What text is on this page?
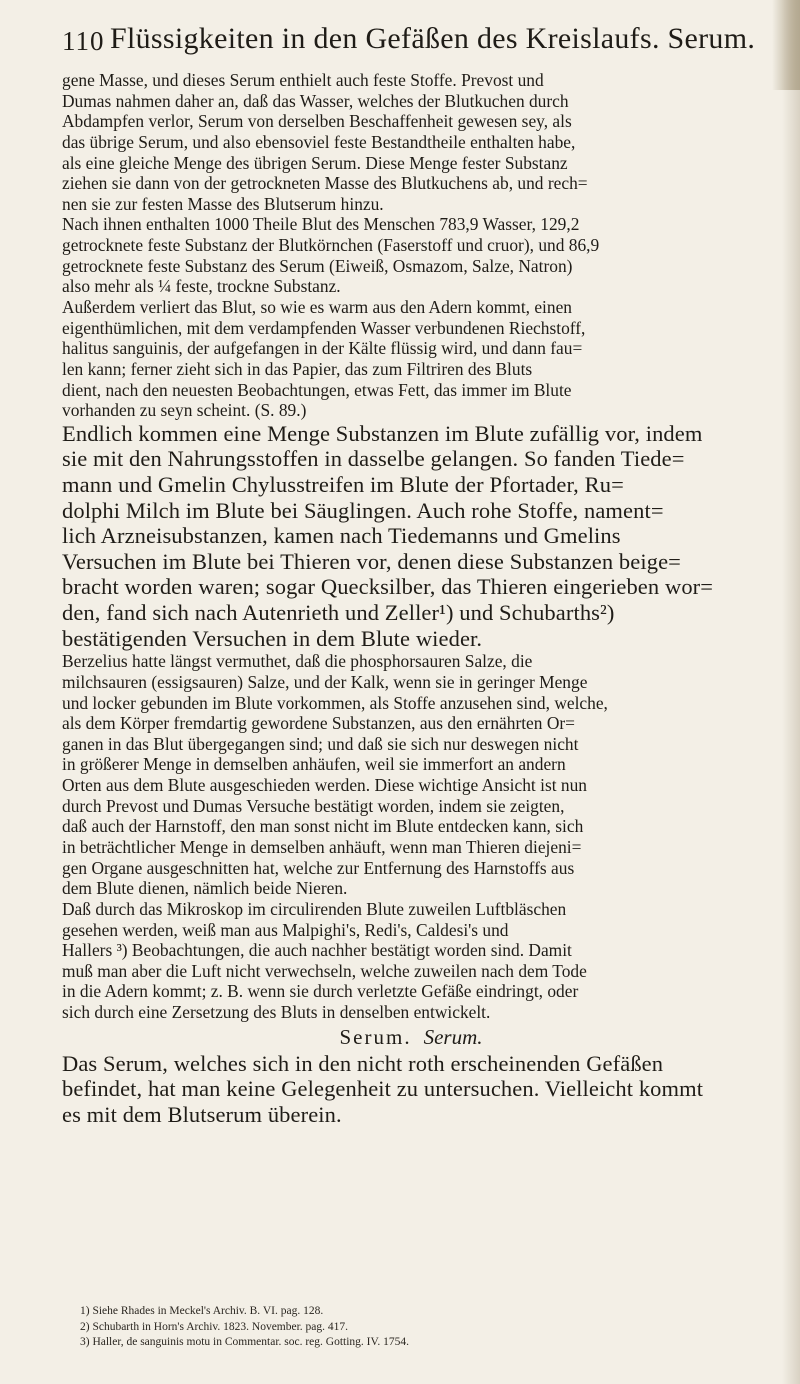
110 Flüssigkeiten in den Gefäßen des Kreislaufs. Serum.
gene Masse, und dieses Serum enthielt auch feste Stoffe. Prevost und
Dumas nahmen daher an, daß das Wasser, welches der Blutkuchen durch
Abdampfen verlor, Serum von derselben Beschaffenheit gewesen sey, als
das übrige Serum, und also ebensoviel feste Bestandtheile enthalten habe,
als eine gleiche Menge des übrigen Serum. Diese Menge fester Substanz
ziehen sie dann von der getrockneten Masse des Blutkuchens ab, und rech=
nen sie zur festen Masse des Blutserum hinzu.
Nach ihnen enthalten 1000 Theile Blut des Menschen 783,9 Wasser, 129,2
getrocknete feste Substanz der Blutkörnchen (Faserstoff und cruor), und 86,9
getrocknete feste Substanz des Serum (Eiweiß, Osmazom, Salze, Natron)
also mehr als ¼ feste, trockne Substanz.
Außerdem verliert das Blut, so wie es warm aus den Adern kommt, einen
eigenthümlichen, mit dem verdampfenden Wasser verbundenen Riechstoff,
halitus sanguinis, der aufgefangen in der Kälte flüssig wird, und dann fau=
len kann; ferner zieht sich in das Papier, das zum Filtriren des Bluts
dient, nach den neuesten Beobachtungen, etwas Fett, das immer im Blute
vorhanden zu seyn scheint. (S. 89.)
Endlich kommen eine Menge Substanzen im Blute zufällig vor, indem
sie mit den Nahrungsstoffen in dasselbe gelangen. So fanden Tiede=
mann und Gmelin Chylusstreifen im Blute der Pfortader, Ru=
dolphi Milch im Blute bei Säuglingen. Auch rohe Stoffe, nament=
lich Arzneisubstanzen, kamen nach Tiedemanns und Gmelins
Versuchen im Blute bei Thieren vor, denen diese Substanzen beige=
bracht worden waren; sogar Quecksilber, das Thieren eingerieben wor=
den, fand sich nach Autenrieth und Zeller¹) und Schubarths²)
bestätigenden Versuchen in dem Blute wieder.
Berzelius hatte längst vermuthet, daß die phosphorsauren Salze, die
milchsauren (essigsauren) Salze, und der Kalk, wenn sie in geringer Menge
und locker gebunden im Blute vorkommen, als Stoffe anzusehen sind, welche,
als dem Körper fremdartig gewordene Substanzen, aus den ernährten Or=
ganen in das Blut übergegangen sind; und daß sie sich nur deswegen nicht
in größerer Menge in demselben anhäufen, weil sie immerfort an andern
Orten aus dem Blute ausgeschieden werden. Diese wichtige Ansicht ist nun
durch Prevost und Dumas Versuche bestätigt worden, indem sie zeigten,
daß auch der Harnstoff, den man sonst nicht im Blute entdecken kann, sich
in beträchtlicher Menge in demselben anhäuft, wenn man Thieren diejeni=
gen Organe ausgeschnitten hat, welche zur Entfernung des Harnstoffs aus
dem Blute dienen, nämlich beide Nieren.
Daß durch das Mikroskop im circulirenden Blute zuweilen Luftbläschen
gesehen werden, weiß man aus Malpighi's, Redi's, Caldesi's und
Hallers ³) Beobachtungen, die auch nachher bestätigt worden sind. Damit
muß man aber die Luft nicht verwechseln, welche zuweilen nach dem Tode
in die Adern kommt; z. B. wenn sie durch verletzte Gefäße eindringt, oder
sich durch eine Zersetzung des Bluts in denselben entwickelt.
Serum. Serum.
Das Serum, welches sich in den nicht roth erscheinenden Gefäßen
befindet, hat man keine Gelegenheit zu untersuchen. Vielleicht kommt
es mit dem Blutserum überein.
1) Siehe Rhades in Meckel's Archiv. B. VI. pag. 128.
2) Schubarth in Horn's Archiv. 1823. November. pag. 417.
3) Haller, de sanguinis motu in Commentar. soc. reg. Gotting. IV. 1754.
